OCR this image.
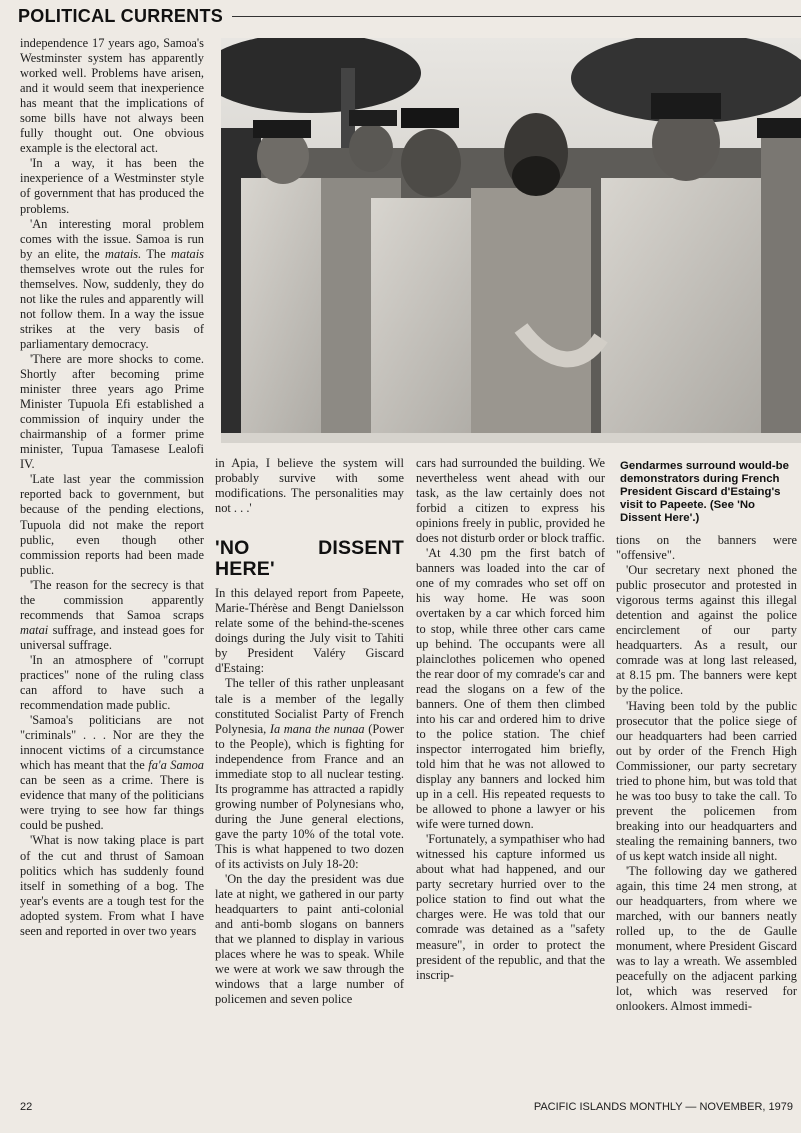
POLITICAL CURRENTS

independence 17 years ago, Samoa's Westminster system has apparently worked well. Problems have arisen, and it would seem that inexperience has meant that the implications of some bills have not always been fully thought out. One obvious example is the electoral act.

'In a way, it has been the inexperience of a Westminster style of government that has produced the problems.

'An interesting moral problem comes with the issue. Samoa is run by an elite, the matais. The matais themselves wrote out the rules for themselves. Now, suddenly, they do not like the rules and apparently will not follow them. In a way the issue strikes at the very basis of parliamentary democracy.

'There are more shocks to come. Shortly after becoming prime minister three years ago Prime Minister Tupuola Efi established a commission of inquiry under the chairmanship of a former prime minister, Tupua Tamasese Lealofi IV.

'Late last year the commission reported back to government, but because of the pending elections, Tupuola did not make the report public, even though other commission reports had been made public.

'The reason for the secrecy is that the commission apparently recommends that Samoa scraps matai suffrage, and instead goes for universal suffrage.

'In an atmosphere of "corrupt practices" none of the ruling class can afford to have such a recommendation made public.

'Samoa's politicians are not "criminals" . . . Nor are they the innocent victims of a circumstance which has meant that the fa'a Samoa can be seen as a crime. There is evidence that many of the politicians were trying to see how far things could be pushed.

'What is now taking place is part of the cut and thrust of Samoan politics which has suddenly found itself in something of a bog. The year's events are a tough test for the adopted system. From what I have seen and reported in over two years

in Apia, I believe the system will probably survive with some modifications. The personalities may not . . .'

'NO DISSENT HERE'

In this delayed report from Papeete, Marie-Thérèse and Bengt Danielsson relate some of the behind-the-scenes doings during the July visit to Tahiti by President Valéry Giscard d'Estaing:

The teller of this rather unpleasant tale is a member of the legally constituted Socialist Party of French Polynesia, Ia mana the nunaa (Power to the People), which is fighting for independence from France and an immediate stop to all nuclear testing. Its programme has attracted a rapidly growing number of Polynesians who, during the June general elections, gave the party 10% of the total vote. This is what happened to two dozen of its activists on July 18-20:

'On the day the president was due late at night, we gathered in our party headquarters to paint anti-colonial and anti-bomb slogans on banners that we planned to display in various places where he was to speak. While we were at work we saw through the windows that a large number of policemen and seven police

cars had surrounded the building. We nevertheless went ahead with our task, as the law certainly does not forbid a citizen to express his opinions freely in public, provided he does not disturb order or block traffic.

'At 4.30 pm the first batch of banners was loaded into the car of one of my comrades who set off on his way home. He was soon overtaken by a car which forced him to stop, while three other cars came up behind. The occupants were all plainclothes policemen who opened the rear door of my comrade's car and read the slogans on a few of the banners. One of them then climbed into his car and ordered him to drive to the police station. The chief inspector interrogated him briefly, told him that he was not allowed to display any banners and locked him up in a cell. His repeated requests to be allowed to phone a lawyer or his wife were turned down.

'Fortunately, a sympathiser who had witnessed his capture informed us about what had happened, and our party secretary hurried over to the police station to find out what the charges were. He was told that our comrade was detained as a "safety measure", in order to protect the president of the republic, and that the inscrip-

Gendarmes surround would-be demonstrators during French President Giscard d'Estaing's visit to Papeete. (See 'No Dissent Here'.)

tions on the banners were "offensive".

'Our secretary next phoned the public prosecutor and protested in vigorous terms against this illegal detention and against the police encirclement of our party headquarters. As a result, our comrade was at long last released, at 8.15 pm. The banners were kept by the police.

'Having been told by the public prosecutor that the police siege of our headquarters had been carried out by order of the French High Commissioner, our party secretary tried to phone him, but was told that he was too busy to take the call. To prevent the policemen from breaking into our headquarters and stealing the remaining banners, two of us kept watch inside all night.

'The following day we gathered again, this time 24 men strong, at our headquarters, from where we marched, with our banners neatly rolled up, to the de Gaulle monument, where President Giscard was to lay a wreath. We assembled peacefully on the adjacent parking lot, which was reserved for onlookers. Almost immedi-

22	PACIFIC ISLANDS MONTHLY — NOVEMBER, 1979
